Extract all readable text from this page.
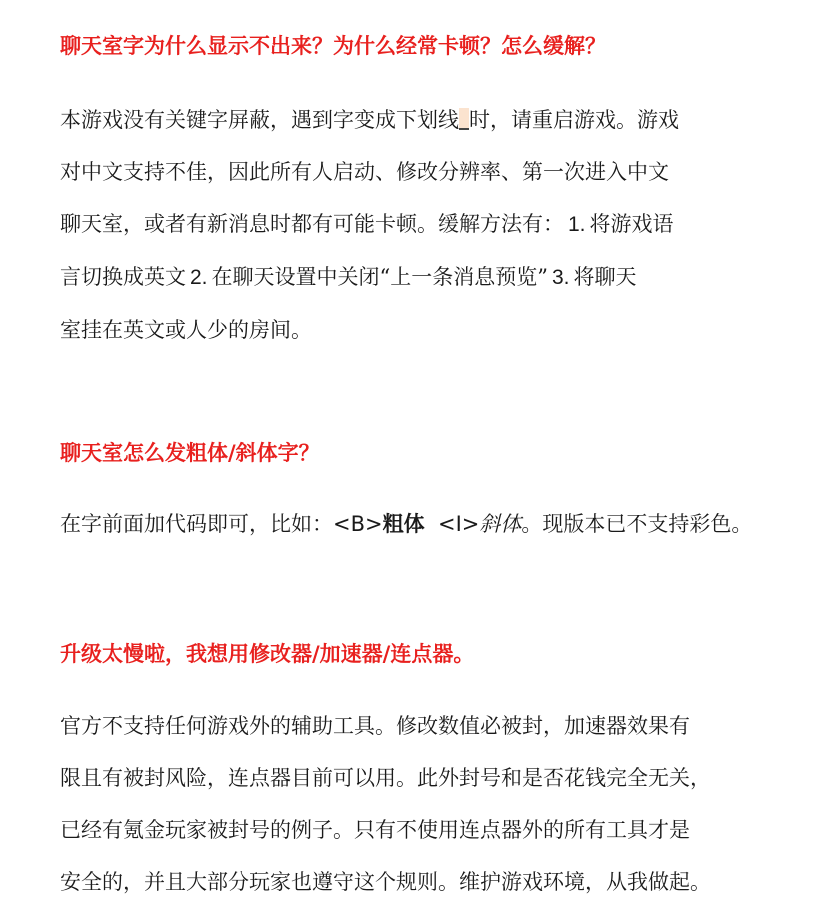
聊天室字为什么显示不出来？为什么经常卡顿？怎么缓解？
本游戏没有关键字屏蔽，遇到字变成下划线 时，请重启游戏。游戏
对中文支持不佳，因此所有人启动、修改分辨率、第一次进入中文
聊天室，或者有新消息时都有可能卡顿。缓解方法有： 1. 将游戏语
言切换成英文 2. 在聊天设置中关闭“上一条消息预览” 3. 将聊天
室挂在英文或人少的房间。
聊天室怎么发粗体/斜体字？
在字前面加代码即可，比如：<B>粗体 <I>斜体。现版本已不支持彩色。
升级太慢啦，我想用修改器/加速器/连点器。
官方不支持任何游戏外的辅助工具。修改数值必被封，加速器效果有
限且有被封风险，连点器目前可以用。此外封号和是否花钱完全无关，
已经有氪金玩家被封号的例子。只有不使用连点器外的所有工具才是
安全的，并且大部分玩家也遵守这个规则。维护游戏环境，从我做起。
